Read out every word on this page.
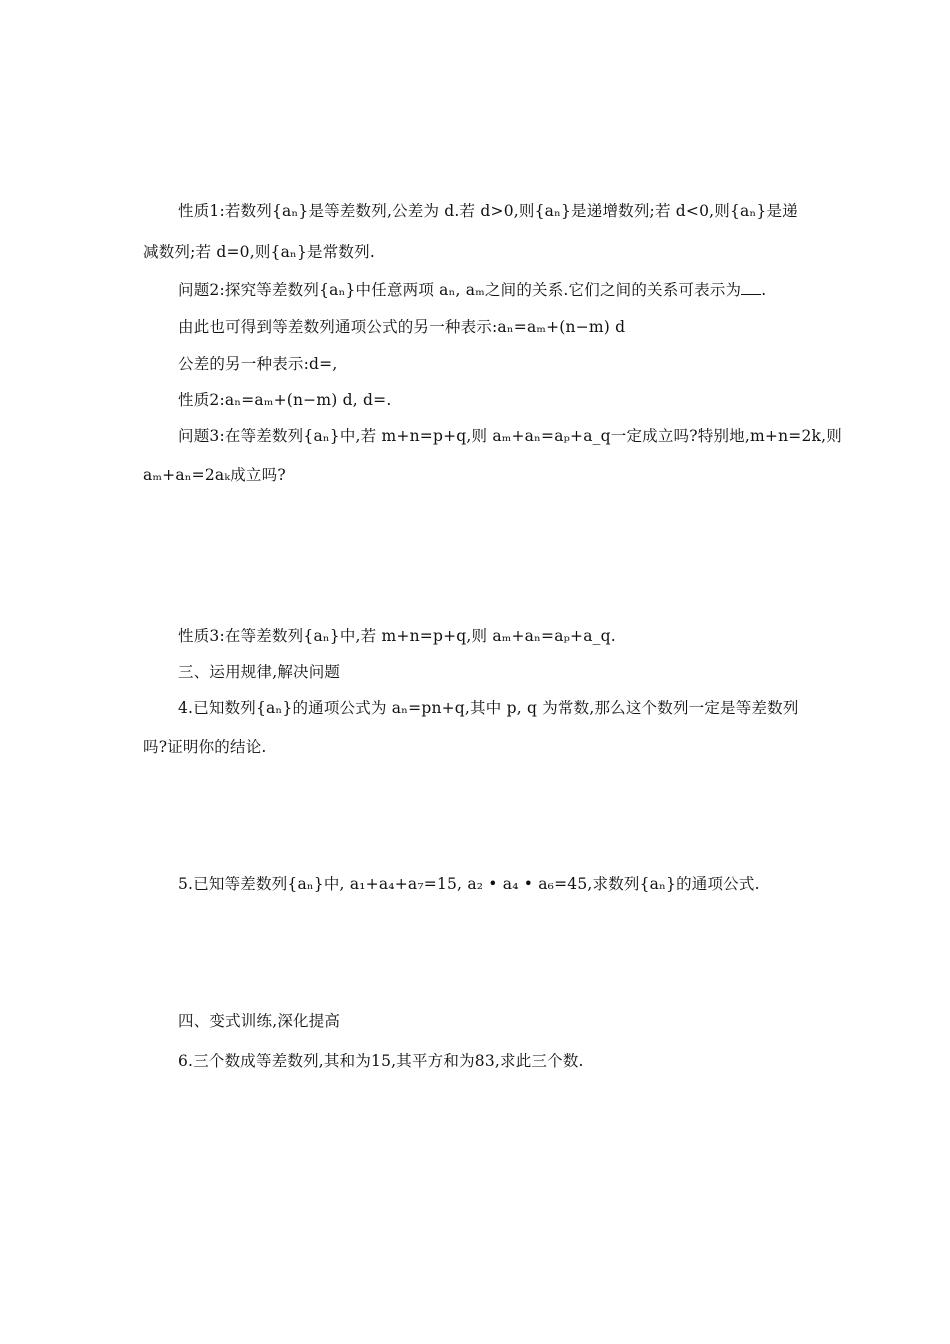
性质1:若数列{aₙ}是等差数列,公差为 d.若 d>0,则{aₙ}是递增数列;若 d<0,则{aₙ}是递
减数列;若 d=0,则{aₙ}是常数列.
问题2:探究等差数列{aₙ}中任意两项 aₙ, aₘ之间的关系.它们之间的关系可表示为 .
由此也可得到等差数列通项公式的另一种表示:aₙ=aₘ+(n−m) d
公差的另一种表示:d=,
性质2:aₙ=aₘ+(n−m) d, d=.
问题3:在等差数列{aₙ}中,若 m+n=p+q,则 aₘ+aₙ=aₚ+a_q一定成立吗?特别地,m+n=2k,则
aₘ+aₙ=2aₖ成立吗?
性质3:在等差数列{aₙ}中,若 m+n=p+q,则 aₘ+aₙ=aₚ+a_q.
三、运用规律,解决问题
4.已知数列{aₙ}的通项公式为 aₙ=pn+q,其中 p, q 为常数,那么这个数列一定是等差数列
吗?证明你的结论.
5.已知等差数列{aₙ}中, a₁+a₄+a₇=15, a₂ • a₄ • a₆=45,求数列{aₙ}的通项公式.
四、变式训练,深化提高
6.三个数成等差数列,其和为15,其平方和为83,求此三个数.
